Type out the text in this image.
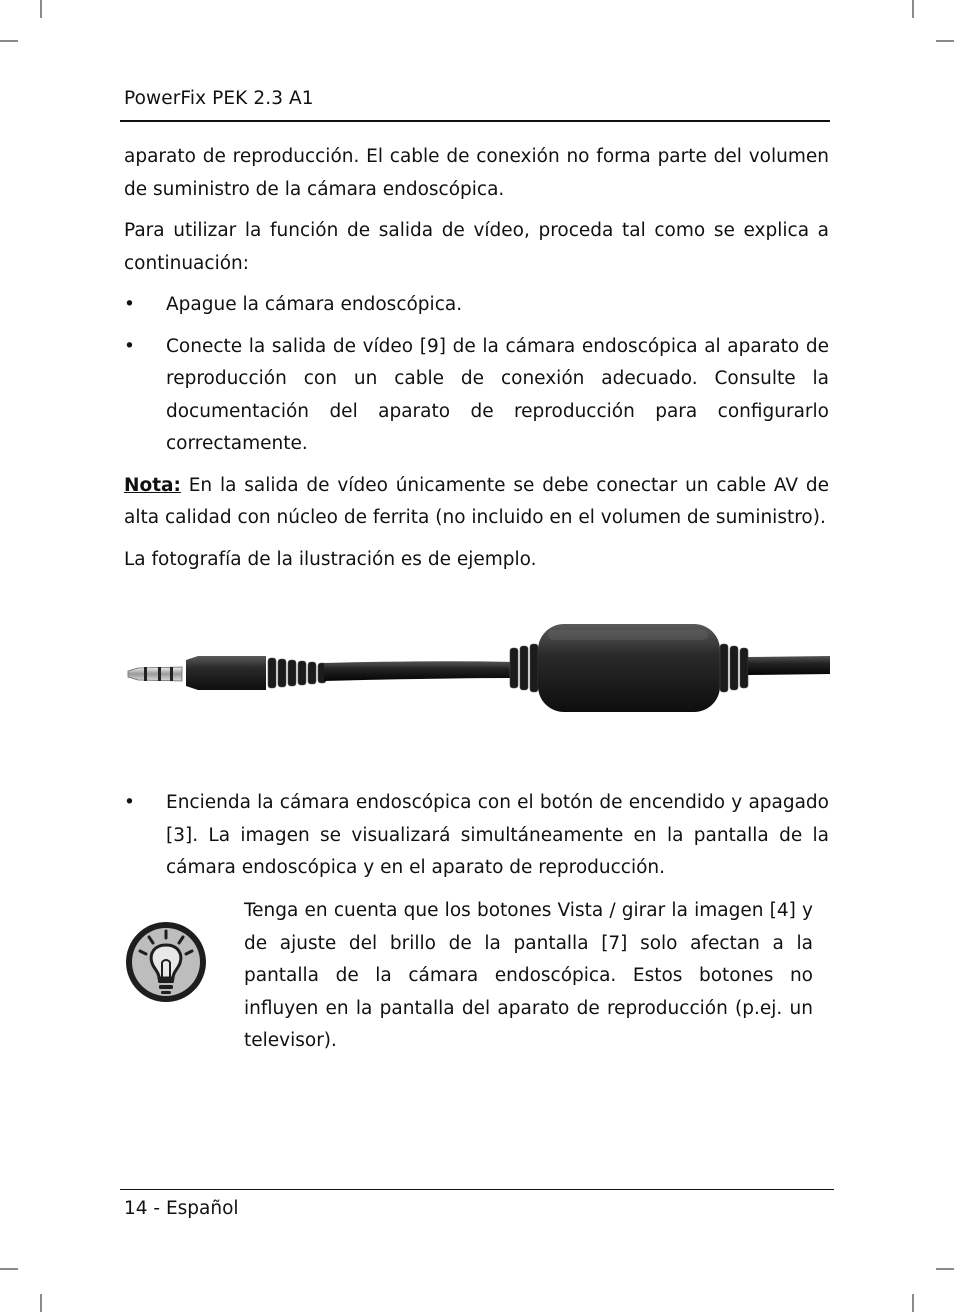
PowerFix PEK 2.3 A1

aparato de reproducción. El cable de conexión no forma parte del volumen de suministro de la cámara endoscópica.

Para utilizar la función de salida de vídeo, proceda tal como se explica a continuación:

•	Apague la cámara endoscópica.
•	Conecte la salida de vídeo [9] de la cámara endoscópica al aparato de reproducción con un cable de conexión adecuado. Consulte la documentación del aparato de reproducción para configurarlo correctamente.

Nota: En la salida de vídeo únicamente se debe conectar un cable AV de alta calidad con núcleo de ferrita (no incluido en el volumen de suministro).

La fotografía de la ilustración es de ejemplo.

•	Encienda la cámara endoscópica con el botón de encendido y apagado [3]. La imagen se visualizará simultáneamente en la pantalla de la cámara endoscópica y en el aparato de reproducción.

Tenga en cuenta que los botones Vista / girar la imagen [4] y de ajuste del brillo de la pantalla [7] solo afectan a la pantalla de la cámara endoscópica. Estos botones no influyen en la pantalla del aparato de reproducción (p.ej. un televisor).

14 - Español
